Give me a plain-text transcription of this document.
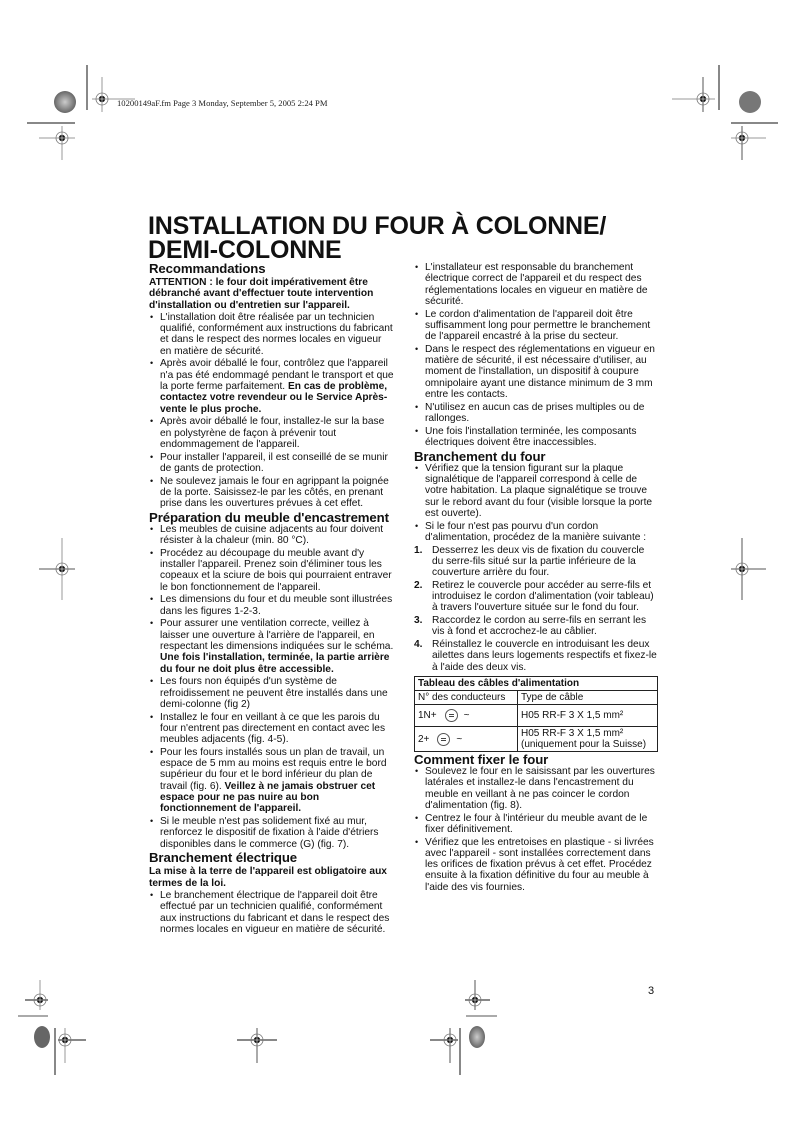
10200149aF.fm Page 3 Monday, September 5, 2005 2:24 PM
INSTALLATION DU FOUR À COLONNE/
DEMI-COLONNE
Recommandations

ATTENTION : le four doit impérativement être débranché avant d'effectuer toute intervention d'installation ou d'entretien sur l'appareil.

• L'installation doit être réalisée par un technicien qualifié, conformément aux instructions du fabricant et dans le respect des normes locales en vigueur en matière de sécurité.
• Après avoir déballé le four, contrôlez que l'appareil n'a pas été endommagé pendant le transport et que la porte ferme parfaitement. En cas de problème, contactez votre revendeur ou le Service Après-vente le plus proche.
• Après avoir déballé le four, installez-le sur la base en polystyrène de façon à prévenir tout endommagement de l'appareil.
• Pour installer l'appareil, il est conseillé de se munir de gants de protection.
• Ne soulevez jamais le four en agrippant la poignée de la porte. Saisissez-le par les côtés, en prenant prise dans les ouvertures prévues à cet effet.
Préparation du meuble d'encastrement
• Les meubles de cuisine adjacents au four doivent résister à la chaleur (min. 80 °C).
• Procédez au découpage du meuble avant d'y installer l'appareil. Prenez soin d'éliminer tous les copeaux et la sciure de bois qui pourraient entraver le bon fonctionnement de l'appareil.
• Les dimensions du four et du meuble sont illustrées dans les figures 1-2-3.
• Pour assurer une ventilation correcte, veillez à laisser une ouverture à l'arrière de l'appareil, en respectant les dimensions indiquées sur le schéma. Une fois l'installation, terminée, la partie arrière du four ne doit plus être accessible.
• Les fours non équipés d'un système de refroidissement ne peuvent être installés dans une demi-colonne (fig 2)
• Installez le four en veillant à ce que les parois du four n'entrent pas directement en contact avec les meubles adjacents (fig. 4-5).
• Pour les fours installés sous un plan de travail, un espace de 5 mm au moins est requis entre le bord supérieur du four et le bord inférieur du plan de travail (fig. 6). Veillez à ne jamais obstruer cet espace pour ne pas nuire au bon fonctionnement de l'appareil.
• Si le meuble n'est pas solidement fixé au mur, renforcez le dispositif de fixation à l'aide d'étriers disponibles dans le commerce (G) (fig. 7).
Branchement électrique

La mise à la terre de l'appareil est obligatoire aux termes de la loi.

• Le branchement électrique de l'appareil doit être effectué par un technicien qualifié, conformément aux instructions du fabricant et dans le respect des normes locales en vigueur en matière de sécurité.
• L'installateur est responsable du branchement électrique correct de l'appareil et du respect des réglementations locales en vigueur en matière de sécurité.
• Le cordon d'alimentation de l'appareil doit être suffisamment long pour permettre le branchement de l'appareil encastré à la prise du secteur.
• Dans le respect des réglementations en vigueur en matière de sécurité, il est nécessaire d'utiliser, au moment de l'installation, un dispositif à coupure omnipolaire ayant une distance minimum de 3 mm entre les contacts.
• N'utilisez en aucun cas de prises multiples ou de rallonges.
• Une fois l'installation terminée, les composants électriques doivent être inaccessibles.
Branchement du four
• Vérifiez que la tension figurant sur la plaque signalétique de l'appareil correspond à celle de votre habitation. La plaque signalétique se trouve sur le rebord avant du four (visible lorsque la porte est ouverte).
• Si le four n'est pas pourvu d'un cordon d'alimentation, procédez de la manière suivante :
1. Desserrez les deux vis de fixation du couvercle du serre-fils situé sur la partie inférieure de la couverture arrière du four.
2. Retirez le couvercle pour accéder au serre-fils et introduisez le cordon d'alimentation (voir tableau) à travers l'ouverture située sur le fond du four.
3. Raccordez le cordon au serre-fils en serrant les vis à fond et accrochez-le au câblier.
4. Réinstallez le couvercle en introduisant les deux ailettes dans leurs logements respectifs et fixez-le à l'aide des deux vis.
Tableau des câbles d'alimentation	
N° des conducteurs	Type de câble
1N+ ~	H05 RR-F 3 X 1,5 mm²
2+ ~	H05 RR-F 3 X 1,5 mm²
(uniquement pour la Suisse)
Comment fixer le four
• Soulevez le four en le saisissant par les ouvertures latérales et installez-le dans l'encastrement du meuble en veillant à ne pas coincer le cordon d'alimentation (fig. 8).
• Centrez le four à l'intérieur du meuble avant de le fixer définitivement.
• Vérifiez que les entretoises en plastique - si livrées avec l'appareil - sont installées correctement dans les orifices de fixation prévus à cet effet. Procédez ensuite à la fixation définitive du four au meuble à l'aide des vis fournies.
3
